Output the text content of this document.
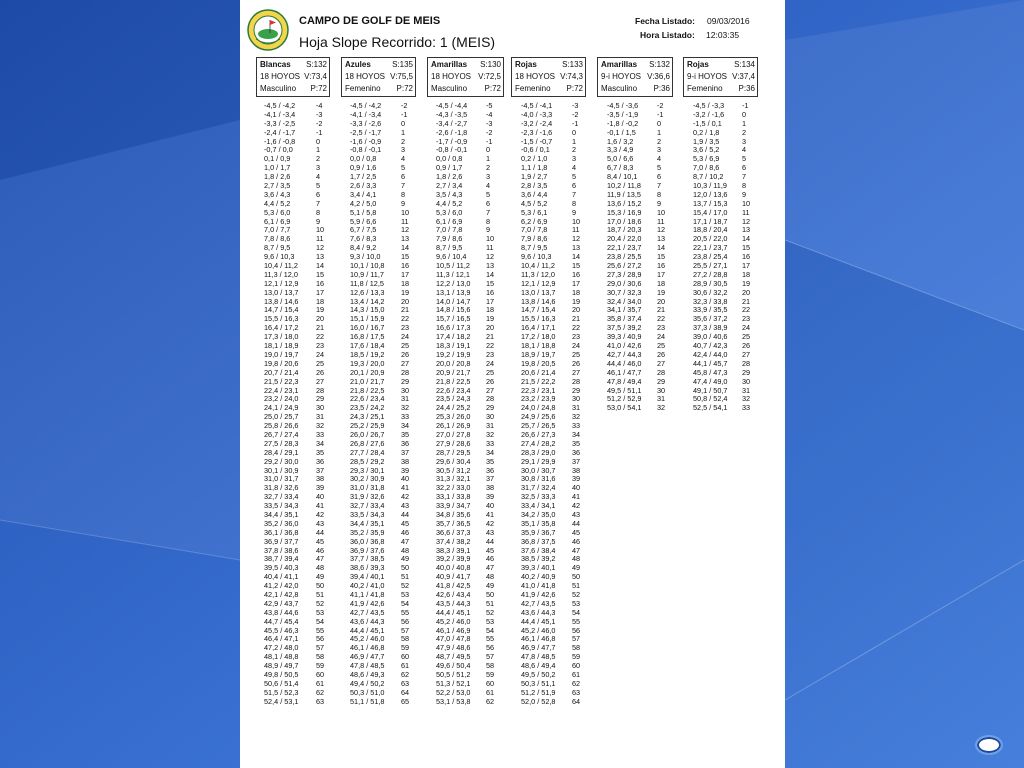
CAMPO DE GOLF DE MEIS
Hoja Slope Recorrido: 1 (MEIS)
Fecha Listado: 09/03/2016
Hora Listado: 12:03:35
Blancas S:132
18 HOYOS V:73,4
Masculino P:72
Azules	S:135
18 HOYOS V:75,5
Femenino P:72
Amarillas S:130
18 HOYOS V:72,5
Masculino P:72
Rojas	S:133
18 HOYOS V:74,3
Femenino P:72
Amarillas S:132
9-i HOYOS V:36,6
Masculino P:36
Rojas	S:134
9-i HOYOS V:37,4
Femenino P:36
-4,5 / -4,2	-4
-4,1 / -3,4	-3
-3,3 / -2,5	-2
-2,4 / -1,7	-1
-1,6 / -0,8	0
-0,7 / 0,0	1
0,1 / 0,9	2
1,0 / 1,7	3
1,8 / 2,6	4
2,7 / 3,5	5
3,6 / 4,3	6
4,4 / 5,2	7
5,3 / 6,0	8
6,1 / 6,9	9
7,0 / 7,7	10
7,8 / 8,6	11
8,7 / 9,5	12
9,6 / 10,3	13
10,4 / 11,2 14
11,3 / 12,0 15
12,1 / 12,9 16
13,0 / 13,7 17
13,8 / 14,6 18
14,7 / 15,4 19
15,5 / 16,3 20
16,4 / 17,2 21
17,3 / 18,0 22
18,1 / 18,9 23
19,0 / 19,7 24
19,8 / 20,6 25
20,7 / 21,4 26
21,5 / 22,3 27
22,4 / 23,1 28
23,2 / 24,0 29
24,1 / 24,9 30
25,0 / 25,7 31
25,8 / 26,6 32
26,7 / 27,4 33
27,5 / 28,3 34
28,4 / 29,1 35
29,2 / 30,0 36
30,1 / 30,9 37
31,0 / 31,7 38
31,8 / 32,6 39
32,7 / 33,4 40
33,5 / 34,3 41
34,4 / 35,1 42
35,2 / 36,0 43
36,1 / 36,8 44
36,9 / 37,7 45
37,8 / 38,6 46
38,7 / 39,4 47
39,5 / 40,3 48
40,4 / 41,1 49
41,2 / 42,0 50
42,1 / 42,8 51
42,9 / 43,7 52
43,8 / 44,6 53
44,7 / 45,4 54
45,5 / 46,3 55
46,4 / 47,1 56
47,2 / 48,0 57
48,1 / 48,8 58
48,9 / 49,7 59
49,8 / 50,5 60
50,6 / 51,4 61
51,5 / 52,3 62
52,4 / 53,1 63
-4,5 / -4,2	-2
-4,1 / -3,4	-1
-3,3 / -2,6	0
-2,5 / -1,7	1
-1,6 / -0,9	2
-0,8 / -0,1	3
0,0 / 0,8	4
0,9 / 1,6	5
1,7 / 2,5	6
2,6 / 3,3	7
3,4 / 4,1	8
4,2 / 5,0	9
5,1 / 5,8	10
5,9 / 6,6	11
6,7 / 7,5	12
7,6 / 8,3	13
8,4 / 9,2	14
9,3 / 10,0	15
10,1 / 10,8 16
10,9 / 11,7 17
11,8 / 12,5 18
12,6 / 13,3 19
13,4 / 14,2 20
14,3 / 15,0 21
15,1 / 15,9 22
16,0 / 16,7 23
16,8 / 17,5 24
17,6 / 18,4 25
18,5 / 19,2 26
19,3 / 20,0 27
20,1 / 20,9 28
21,0 / 21,7 29
21,8 / 22,5 30
22,6 / 23,4 31
23,5 / 24,2 32
24,3 / 25,1 33
25,2 / 25,9 34
26,0 / 26,7 35
26,8 / 27,6 36
27,7 / 28,4 37
28,5 / 29,2 38
29,3 / 30,1 39
30,2 / 30,9 40
31,0 / 31,8 41
31,9 / 32,6 42
32,7 / 33,4 43
33,5 / 34,3 44
34,4 / 35,1 45
35,2 / 35,9 46
36,0 / 36,8 47
36,9 / 37,6 48
37,7 / 38,5 49
38,6 / 39,3 50
39,4 / 40,1 51
40,2 / 41,0 52
41,1 / 41,8 53
41,9 / 42,6 54
42,7 / 43,5 55
43,6 / 44,3 56
44,4 / 45,1 57
45,2 / 46,0 58
46,1 / 46,8 59
46,9 / 47,7 60
47,8 / 48,5 61
48,6 / 49,3 62
49,4 / 50,2 63
50,3 / 51,0 64
51,1 / 51,8 65
-4,5 / -4,4	-5
-4,3 / -3,5	-4
-3,4 / -2,7	-3
-2,6 / -1,8	-2
-1,7 / -0,9	-1
-0,8 / -0,1	0
0,0 / 0,8	1
0,9 / 1,7	2
1,8 / 2,6	3
2,7 / 3,4	4
3,5 / 4,3	5
4,4 / 5,2	6
5,3 / 6,0	7
6,1 / 6,9	8
7,0 / 7,8	9
7,9 / 8,6	10
8,7 / 9,5	11
9,6 / 10,4	12
10,5 / 11,2 13
11,3 / 12,1 14
12,2 / 13,0 15
13,1 / 13,9 16
14,0 / 14,7 17
14,8 / 15,6 18
15,7 / 16,5 19
16,6 / 17,3 20
17,4 / 18,2 21
18,3 / 19,1 22
19,2 / 19,9 23
20,0 / 20,8 24
20,9 / 21,7 25
21,8 / 22,5 26
22,6 / 23,4 27
23,5 / 24,3 28
24,4 / 25,2 29
25,3 / 26,0 30
26,1 / 26,9 31
27,0 / 27,8 32
27,9 / 28,6 33
28,7 / 29,5 34
29,6 / 30,4 35
30,5 / 31,2 36
31,3 / 32,1 37
32,2 / 33,0 38
33,1 / 33,8 39
33,9 / 34,7 40
34,8 / 35,6 41
35,7 / 36,5 42
36,6 / 37,3 43
37,4 / 38,2 44
38,3 / 39,1 45
39,2 / 39,9 46
40,0 / 40,8 47
40,9 / 41,7 48
41,8 / 42,5 49
42,6 / 43,4 50
43,5 / 44,3 51
44,4 / 45,1 52
45,2 / 46,0 53
46,1 / 46,9 54
47,0 / 47,8 55
47,9 / 48,6 56
48,7 / 49,5 57
49,6 / 50,4 58
50,5 / 51,2 59
51,3 / 52,1 60
52,2 / 53,0 61
53,1 / 53,8 62
-4,5 / -4,1	-3
-4,0 / -3,3	-2
-3,2 / -2,4	-1
-2,3 / -1,6	0
-1,5 / -0,7	1
-0,6 / 0,1	2
0,2 / 1,0	3
1,1 / 1,8	4
1,9 / 2,7	5
2,8 / 3,5	6
3,6 / 4,4	7
4,5 / 5,2	8
5,3 / 6,1	9
6,2 / 6,9	10
7,0 / 7,8	11
7,9 / 8,6	12
8,7 / 9,5	13
9,6 / 10,3	14
10,4 / 11,2 15
11,3 / 12,0 16
12,1 / 12,9 17
13,0 / 13,7 18
13,8 / 14,6 19
14,7 / 15,4 20
15,5 / 16,3 21
16,4 / 17,1 22
17,2 / 18,0 23
18,1 / 18,8 24
18,9 / 19,7 25
19,8 / 20,5 26
20,6 / 21,4 27
21,5 / 22,2 28
22,3 / 23,1 29
23,2 / 23,9 30
24,0 / 24,8 31
24,9 / 25,6 32
25,7 / 26,5 33
26,6 / 27,3 34
27,4 / 28,2 35
28,3 / 29,0 36
29,1 / 29,9 37
30,0 / 30,7 38
30,8 / 31,6 39
31,7 / 32,4 40
32,5 / 33,3 41
33,4 / 34,1 42
34,2 / 35,0 43
35,1 / 35,8 44
35,9 / 36,7 45
36,8 / 37,5 46
37,6 / 38,4 47
38,5 / 39,2 48
39,3 / 40,1 49
40,2 / 40,9 50
41,0 / 41,8 51
41,9 / 42,6 52
42,7 / 43,5 53
43,6 / 44,3 54
44,4 / 45,1 55
45,2 / 46,0 56
46,1 / 46,8 57
46,9 / 47,7 58
47,8 / 48,5 59
48,6 / 49,4 60
49,5 / 50,2 61
50,3 / 51,1 62
51,2 / 51,9 63
52,0 / 52,8 64
-4,5 / -3,6	-2
-3,5 / -1,9	-1
-1,8 / -0,2	0
-0,1 / 1,5	1
1,6 / 3,2	2
3,3 / 4,9	3
5,0 / 6,6	4
6,7 / 8,3	5
8,4 / 10,1	6
10,2 / 11,8 7
11,9 / 13,5 8
13,6 / 15,2 9
15,3 / 16,9 10
17,0 / 18,6 11
18,7 / 20,3 12
20,4 / 22,0 13
22,1 / 23,7 14
23,8 / 25,5 15
25,6 / 27,2 16
27,3 / 28,9 17
29,0 / 30,6 18
30,7 / 32,3 19
32,4 / 34,0 20
34,1 / 35,7 21
35,8 / 37,4 22
37,5 / 39,2 23
39,3 / 40,9 24
41,0 / 42,6 25
42,7 / 44,3 26
44,4 / 46,0 27
46,1 / 47,7 28
47,8 / 49,4 29
49,5 / 51,1 30
51,2 / 52,9 31
53,0 / 54,1 32
-4,5 / -3,3 -1
-3,2 / -1,6 0
-1,5 / 0,1	1
0,2 / 1,8	2
1,9 / 3,5	3
3,6 / 5,2	4
5,3 / 6,9	5
7,0 / 8,6	6
8,7 / 10,2	7
10,3 / 11,9 8
12,0 / 13,6 9
13,7 / 15,3 10
15,4 / 17,0 11
17,1 / 18,7 12
18,8 / 20,4 13
20,5 / 22,0 14
22,1 / 23,7 15
23,8 / 25,4 16
25,5 / 27,1 17
27,2 / 28,8 18
28,9 / 30,5 19
30,6 / 32,2 20
32,3 / 33,8 21
33,9 / 35,5 22
35,6 / 37,2 23
37,3 / 38,9 24
39,0 / 40,6 25
40,7 / 42,3 26
42,4 / 44,0 27
44,1 / 45,7 28
45,8 / 47,3 29
47,4 / 49,0 30
49,1 / 50,7 31
50,8 / 52,4 32
52,5 / 54,1 33
